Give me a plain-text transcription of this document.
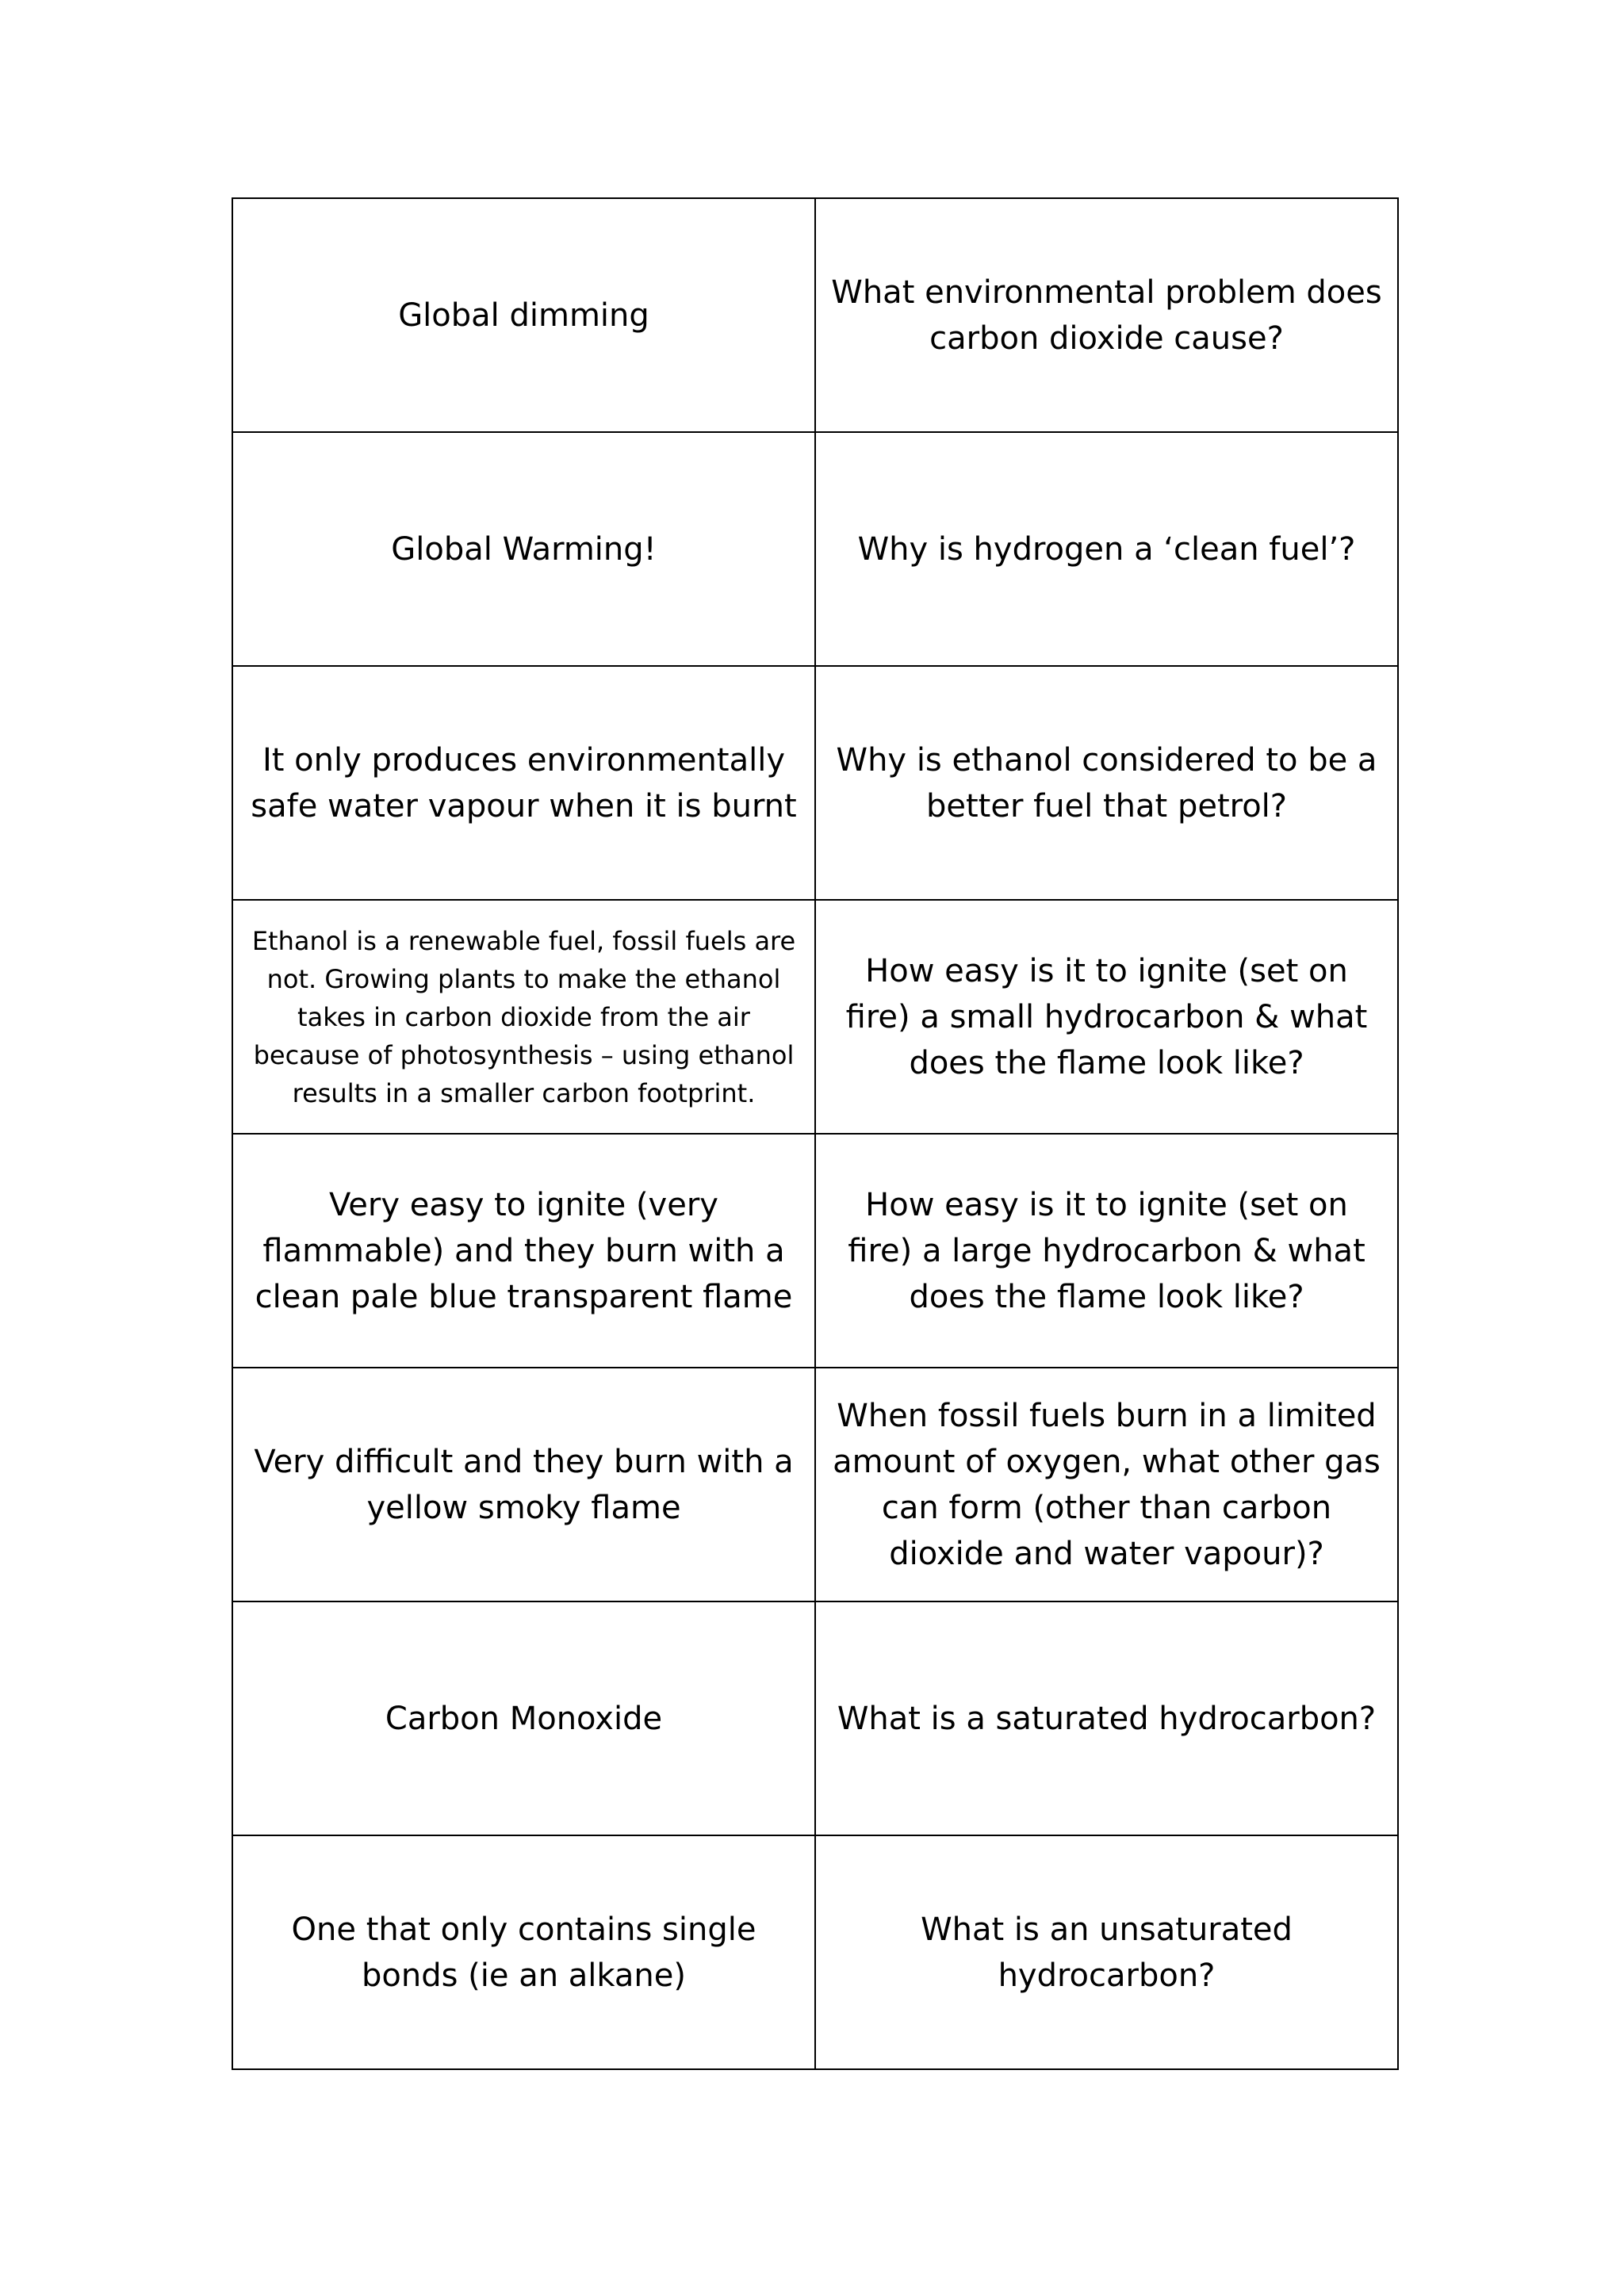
Global dimming
What environmental problem does carbon dioxide cause?
Global Warming!	Why is hydrogen a ‘clean fuel’?
It only produces environmentally safe water vapour when it is burnt
Why is ethanol considered to be a better fuel that petrol?
Ethanol is a renewable fuel, fossil fuels are not. Growing plants to make the ethanol takes in carbon dioxide from the air because of photosynthesis – using ethanol results in a smaller carbon footprint.
How easy is it to ignite (set on fire) a small hydrocarbon & what does the flame look like?
Very easy to ignite (very flammable) and they burn with a clean pale blue transparent flame
How easy is it to ignite (set on fire) a large hydrocarbon & what does the flame look like?
Very difficult and they burn with a yellow smoky flame
When fossil fuels burn in a limited amount of oxygen, what other gas can form (other than carbon dioxide and water vapour)?
Carbon Monoxide	What is a saturated hydrocarbon?
One that only contains single bonds (ie an alkane)
What is an unsaturated hydrocarbon?
